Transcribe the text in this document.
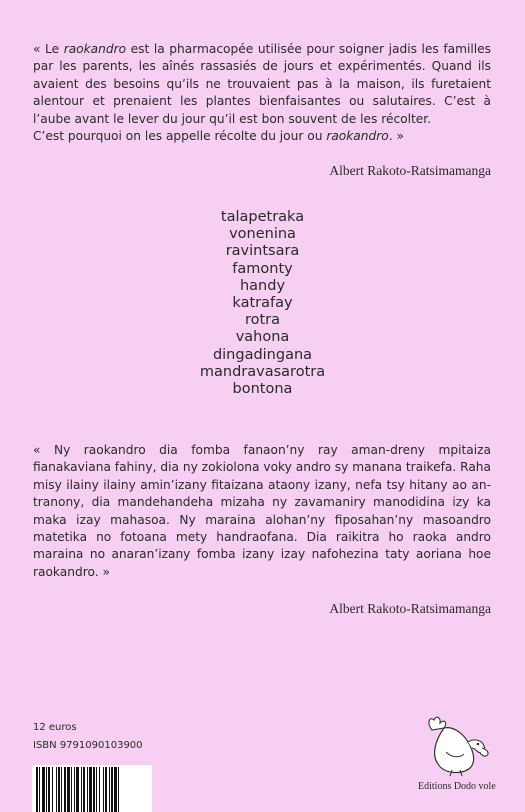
« Le raokandro est la pharmacopée utilisée pour soigner jadis les familles par les parents, les aînés rassasiés de jours et expérimentés. Quand ils avaient des besoins qu’ils ne trouvaient pas à la maison, ils furetaient alentour et prenaient les plantes bienfaisantes ou salutaires. C’est à l’aube avant le lever du jour qu’il est bon souvent de les récolter.
C’est pourquoi on les appelle récolte du jour ou raokandro. »
Albert Rakoto-Ratsimamanga
talapetraka
vonenina
ravintsara
famonty
handy
katrafay
rotra
vahona
dingadingana
mandravasarotra
bontona
« Ny raokandro dia fomba fanaon’ny ray aman-dreny mpitaiza fianakaviana fahiny, dia ny zokiolona voky andro sy manana traikefa. Raha misy ilainy ilainy amin’izany fitaizana ataony izany, nefa tsy hitany ao an-tranony, dia mandehandeha mizaha ny zavamaniry manodidina izy ka maka izay mahasoa. Ny maraina alohan’ny fiposahan’ny masoandro matetika no fotoana mety handraofana. Dia raikitra ho raoka andro maraina no anaran’izany fomba izany izay nafohezina taty aoriana hoe raokandro. »
Albert Rakoto-Ratsimamanga
12 euros
ISBN 9791090103900
Editions Dodo vole
